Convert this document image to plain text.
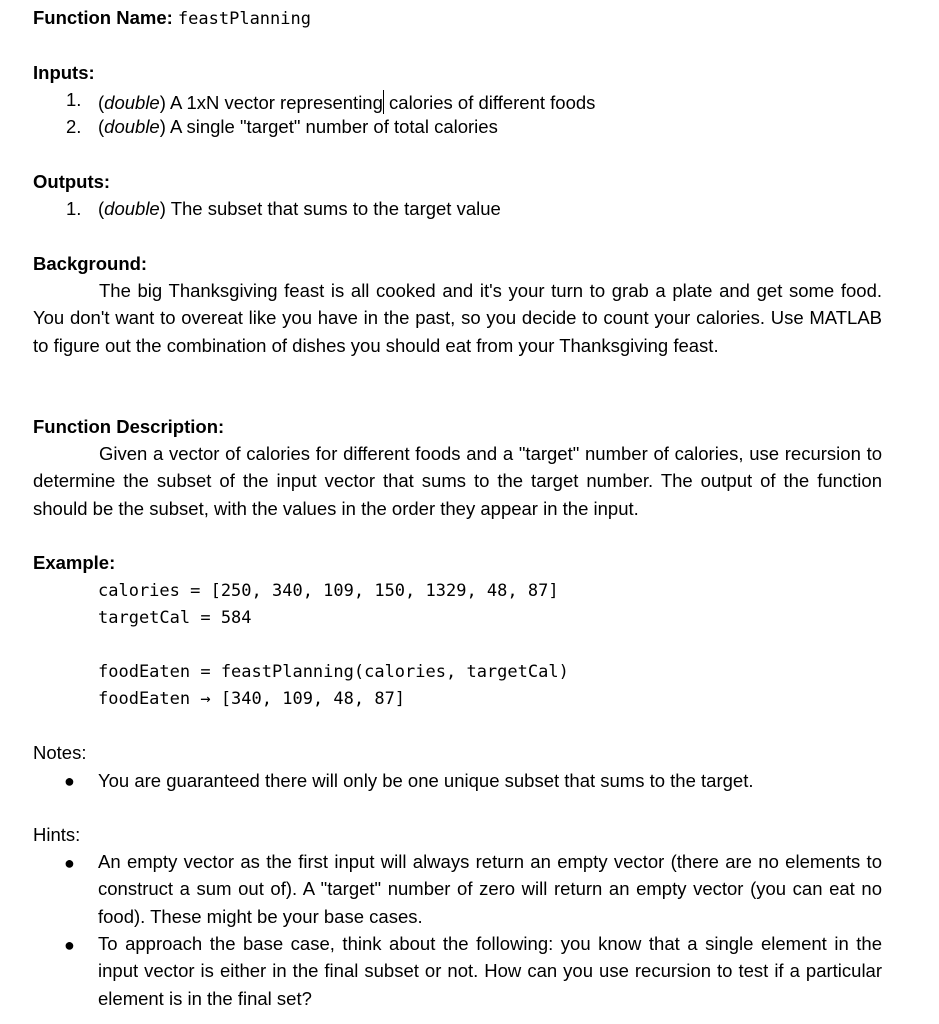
Function Name: feastPlanning
Inputs:
1. (double) A 1xN vector representing calories of different foods
2. (double) A single "target" number of total calories
Outputs:
1. (double) The subset that sums to the target value
Background:

The big Thanksgiving feast is all cooked and it's your turn to grab a plate and get some food. You don't want to overeat like you have in the past, so you decide to count your calories. Use MATLAB to figure out the combination of dishes you should eat from your Thanksgiving feast.

Function Description:

Given a vector of calories for different foods and a "target" number of calories, use recursion to determine the subset of the input vector that sums to the target number. The output of the function should be the subset, with the values in the order they appear in the input.

Example:
calories = [250, 340, 109, 150, 1329, 48, 87]
targetCal = 584
foodEaten = feastPlanning(calories, targetCal)
foodEaten → [340, 109, 48, 87]
Notes:
● You are guaranteed there will only be one unique subset that sums to the target.
Hints:
● An empty vector as the first input will always return an empty vector (there are no elements to construct a sum out of). A "target" number of zero will return an empty vector (you can eat no food). These might be your base cases.
● To approach the base case, think about the following: you know that a single element in the input vector is either in the final subset or not. How can you use recursion to test if a particular element is in the final set?
